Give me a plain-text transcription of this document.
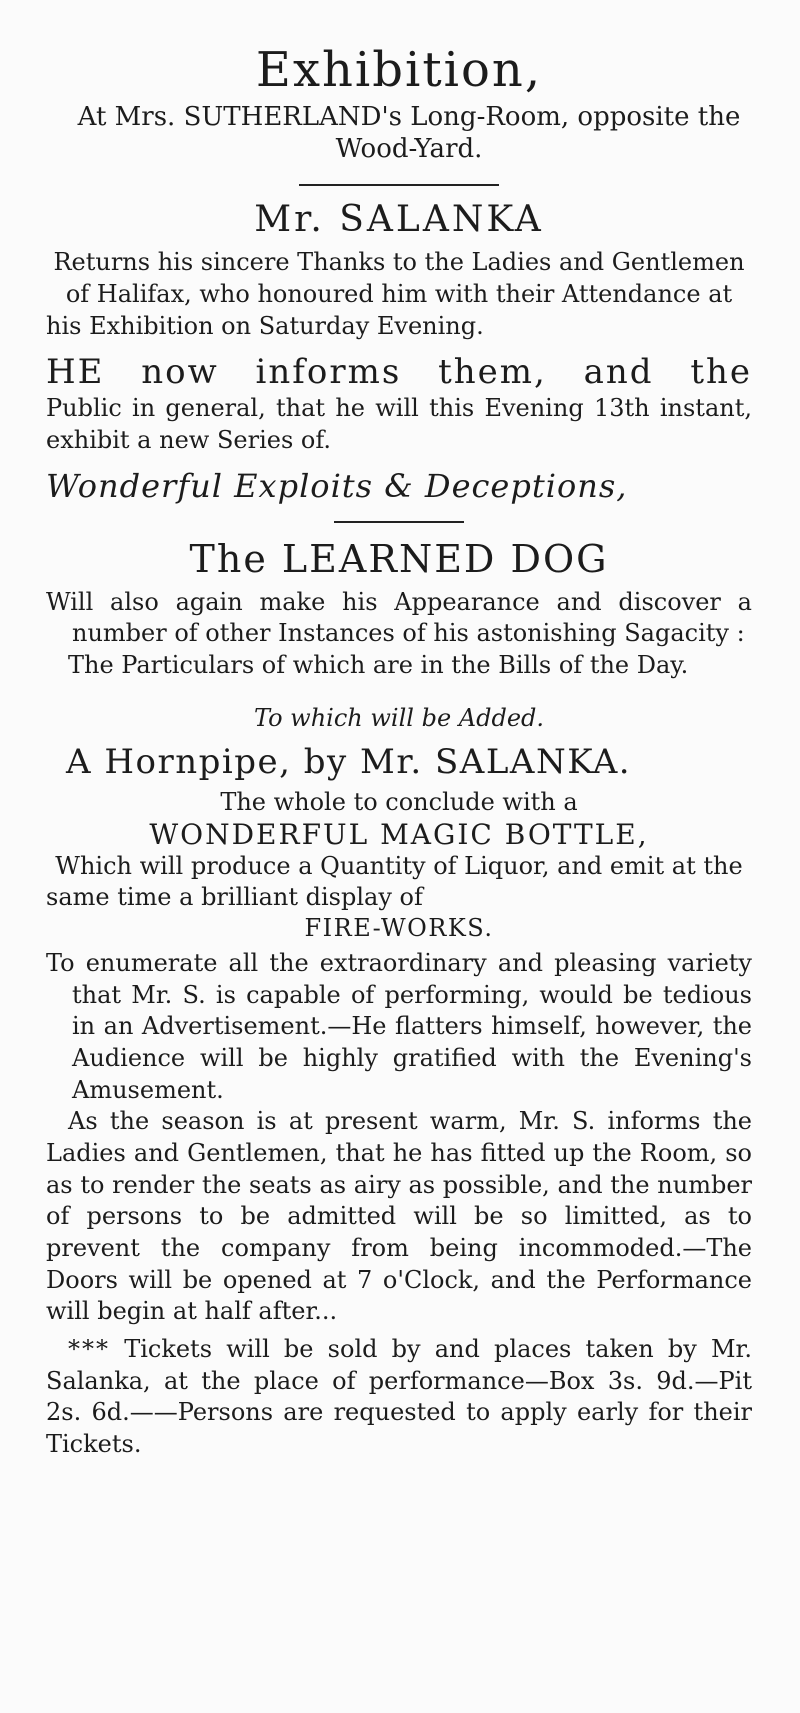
Exhibition,
At Mrs. SUTHERLAND's Long-Room, opposite the Wood-Yard.
Mr. SALANKA
Returns his sincere Thanks to the Ladies and Gentlemen of Halifax, who honoured him with their Attendance at his Exhibition on Saturday Evening.
HE now informs them, and the
Public in general, that he will this Evening 13th instant, exhibit a new Series of.
Wonderful Exploits & Deceptions,
The LEARNED DOG
Will also again make his Appearance and discover a number of other Instances of his astonishing Sagacity :
The Particulars of which are in the Bills of the Day.
To which will be Added.
A Hornpipe, by Mr. SALANKA.
The whole to conclude with a
WONDERFUL MAGIC BOTTLE,
Which will produce a Quantity of Liquor, and emit at the same time a brilliant display of
FIRE-WORKS.
To enumerate all the extraordinary and pleasing variety that Mr. S. is capable of performing, would be tedious in an Advertisement.—He flatters himself, however, the Audience will be highly gratified with the Evening's Amusement.
As the season is at present warm, Mr. S. informs the Ladies and Gentlemen, that he has fitted up the Room, so as to render the seats as airy as possible, and the number of persons to be admitted will be so limitted, as to prevent the company from being incommoded.—The Doors will be opened at 7 o'Clock, and the Performance will begin at half after...
*⁠*⁠* Tickets will be sold by and places taken by Mr. Salanka, at the place of performance—Box 3s. 9d.—Pit 2s. 6d.——Persons are requested to apply early for their Tickets.
